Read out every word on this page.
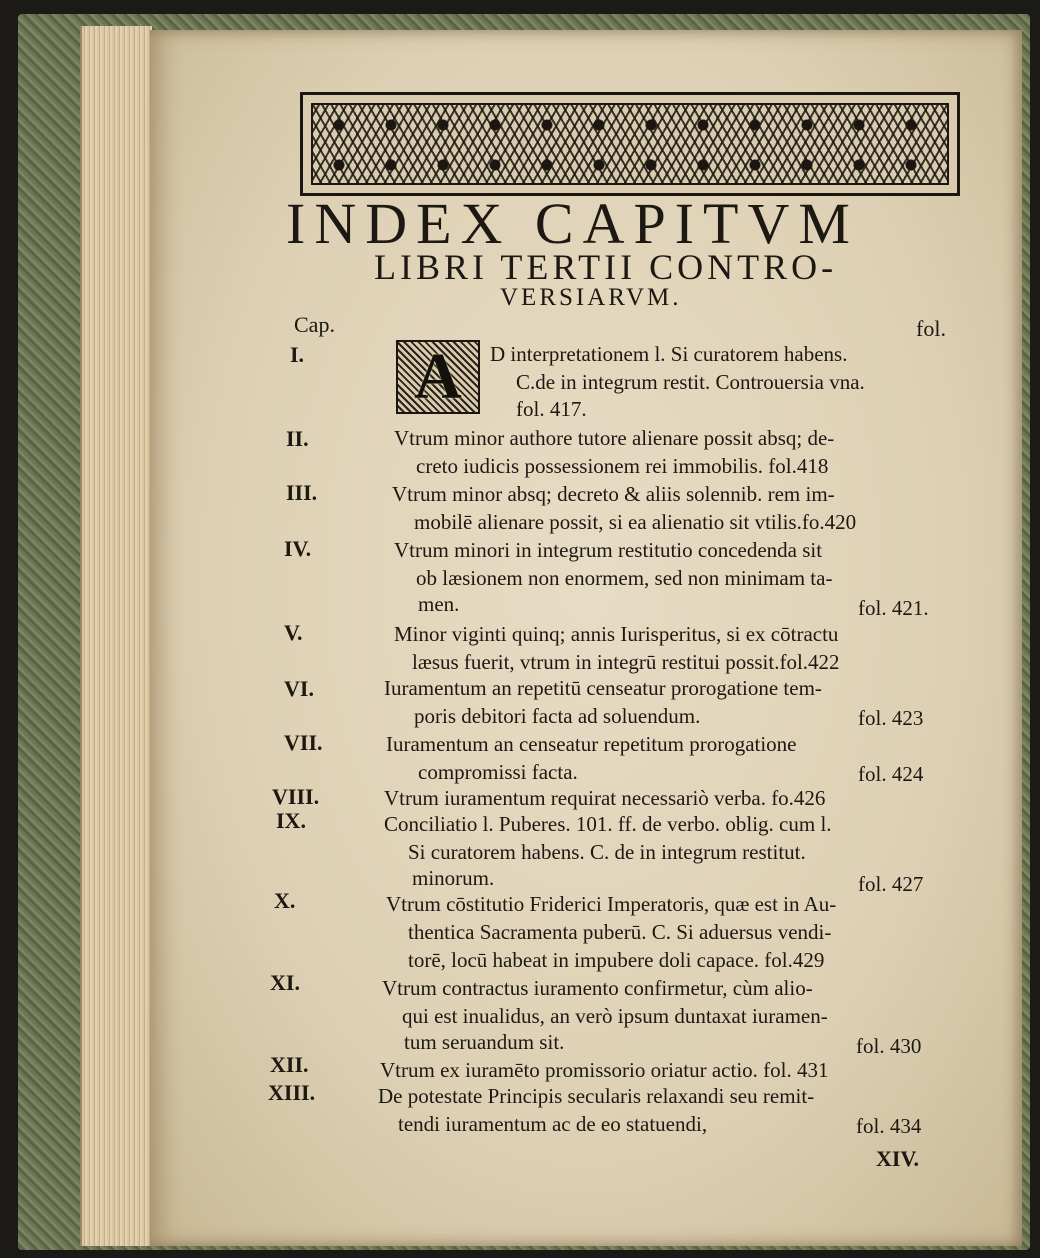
INDEX CAPITVM
LIBRI TERTII CONTRO-
VERSIARVM.
Cap.	fol.
A
I.	D interpretationem l. Si curatorem habens.
C.de in integrum restit. Controuersia vna.
fol. 417.
II.	Vtrum minor authore tutore alienare possit absq; de-
creto iudicis possessionem rei immobilis. fol.418
III.	Vtrum minor absq; decreto & aliis solennib. rem im-
mobilē alienare possit, si ea alienatio sit vtilis.fo.420
IV.	Vtrum minori in integrum restitutio concedenda sit
ob læsionem non enormem, sed non minimam ta-
men.	fol. 421.
V.	Minor viginti quinq; annis Iurisperitus, si ex cōtractu
læsus fuerit, vtrum in integrū restitui possit.fol.422
VI.	Iuramentum an repetitū censeatur prorogatione tem-
poris debitori facta ad soluendum.	fol. 423
VII.	Iuramentum an censeatur repetitum prorogatione
compromissi facta.	fol. 424
VIII.	Vtrum iuramentum requirat necessariò verba. fo.426
IX.	Conciliatio l. Puberes. 101. ff. de verbo. oblig. cum l.
Si curatorem habens. C. de in integrum restitut.
minorum.	fol. 427
X.	Vtrum cōstitutio Friderici Imperatoris, quæ est in Au-
thentica Sacramenta puberū. C. Si aduersus vendi-
torē, locū habeat in impubere doli capace. fol.429
XI.	Vtrum contractus iuramento confirmetur, cùm alio-
qui est inualidus, an verò ipsum duntaxat iuramen-
tum seruandum sit.	fol. 430
XII.	Vtrum ex iuramēto promissorio oriatur actio. fol. 431
XIII.	De potestate Principis secularis relaxandi seu remit-
tendi iuramentum ac de eo statuendi,	fol. 434
XIV.
